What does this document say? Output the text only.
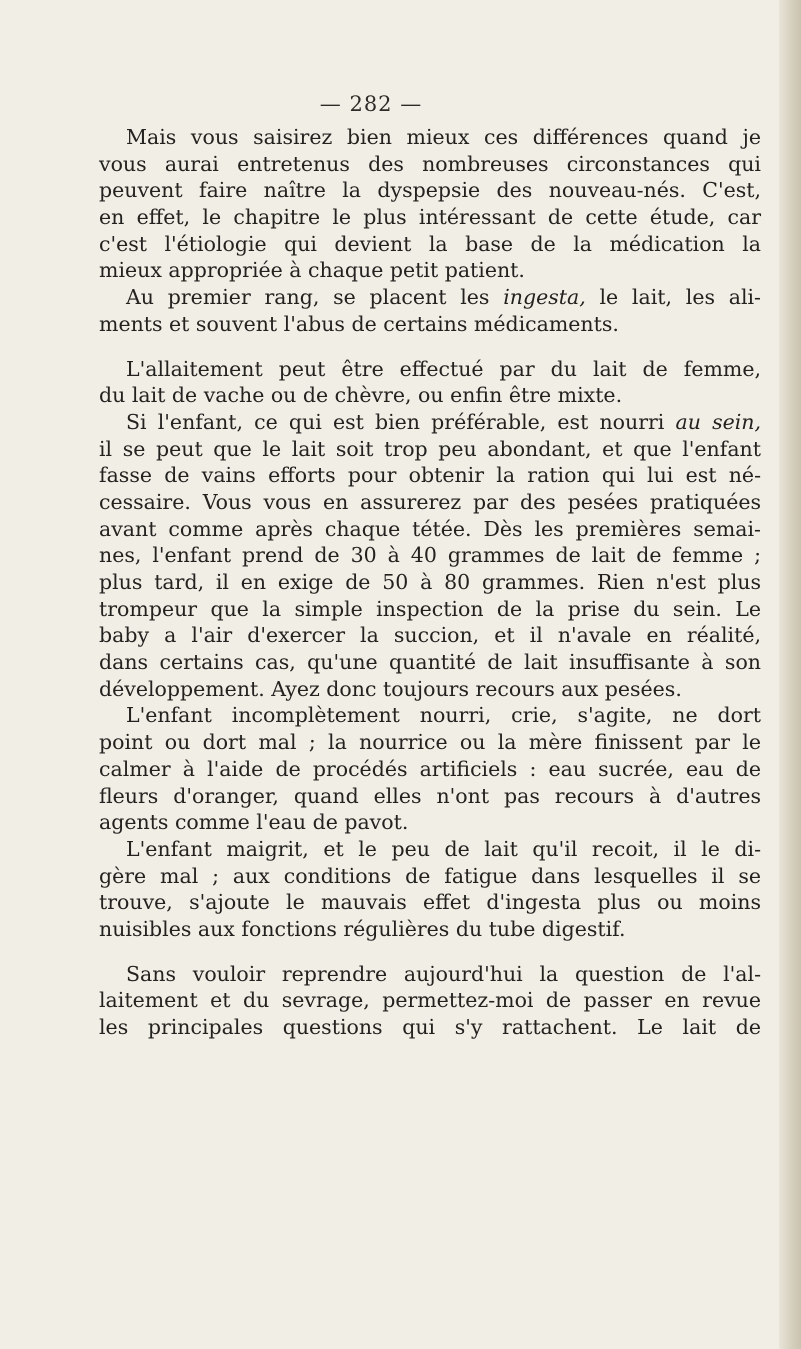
— 282 —
Mais vous saisirez bien mieux ces différences quand je
vous aurai entretenus des nombreuses circonstances qui
peuvent faire naître la dyspepsie des nouveau-nés. C'est,
en effet, le chapitre le plus intéressant de cette étude, car
c'est l'étiologie qui devient la base de la médication la
mieux appropriée à chaque petit patient.
Au premier rang, se placent les ingesta, le lait, les ali-
ments et souvent l'abus de certains médicaments.
L'allaitement peut être effectué par du lait de femme,
du lait de vache ou de chèvre, ou enfin être mixte.
Si l'enfant, ce qui est bien préférable, est nourri au sein,
il se peut que le lait soit trop peu abondant, et que l'enfant
fasse de vains efforts pour obtenir la ration qui lui est né-
cessaire. Vous vous en assurerez par des pesées pratiquées
avant comme après chaque tétée. Dès les premières semai-
nes, l'enfant prend de 30 à 40 grammes de lait de femme ;
plus tard, il en exige de 50 à 80 grammes. Rien n'est plus
trompeur que la simple inspection de la prise du sein. Le
baby a l'air d'exercer la succion, et il n'avale en réalité,
dans certains cas, qu'une quantité de lait insuffisante à son
développement. Ayez donc toujours recours aux pesées.
L'enfant incomplètement nourri, crie, s'agite, ne dort
point ou dort mal ; la nourrice ou la mère finissent par le
calmer à l'aide de procédés artificiels : eau sucrée, eau de
fleurs d'oranger, quand elles n'ont pas recours à d'autres
agents comme l'eau de pavot.
L'enfant maigrit, et le peu de lait qu'il recoit, il le di-
gère mal ; aux conditions de fatigue dans lesquelles il se
trouve, s'ajoute le mauvais effet d'ingesta plus ou moins
nuisibles aux fonctions régulières du tube digestif.
Sans vouloir reprendre aujourd'hui la question de l'al-
laitement et du sevrage, permettez-moi de passer en revue
les principales questions qui s'y rattachent. Le lait de
